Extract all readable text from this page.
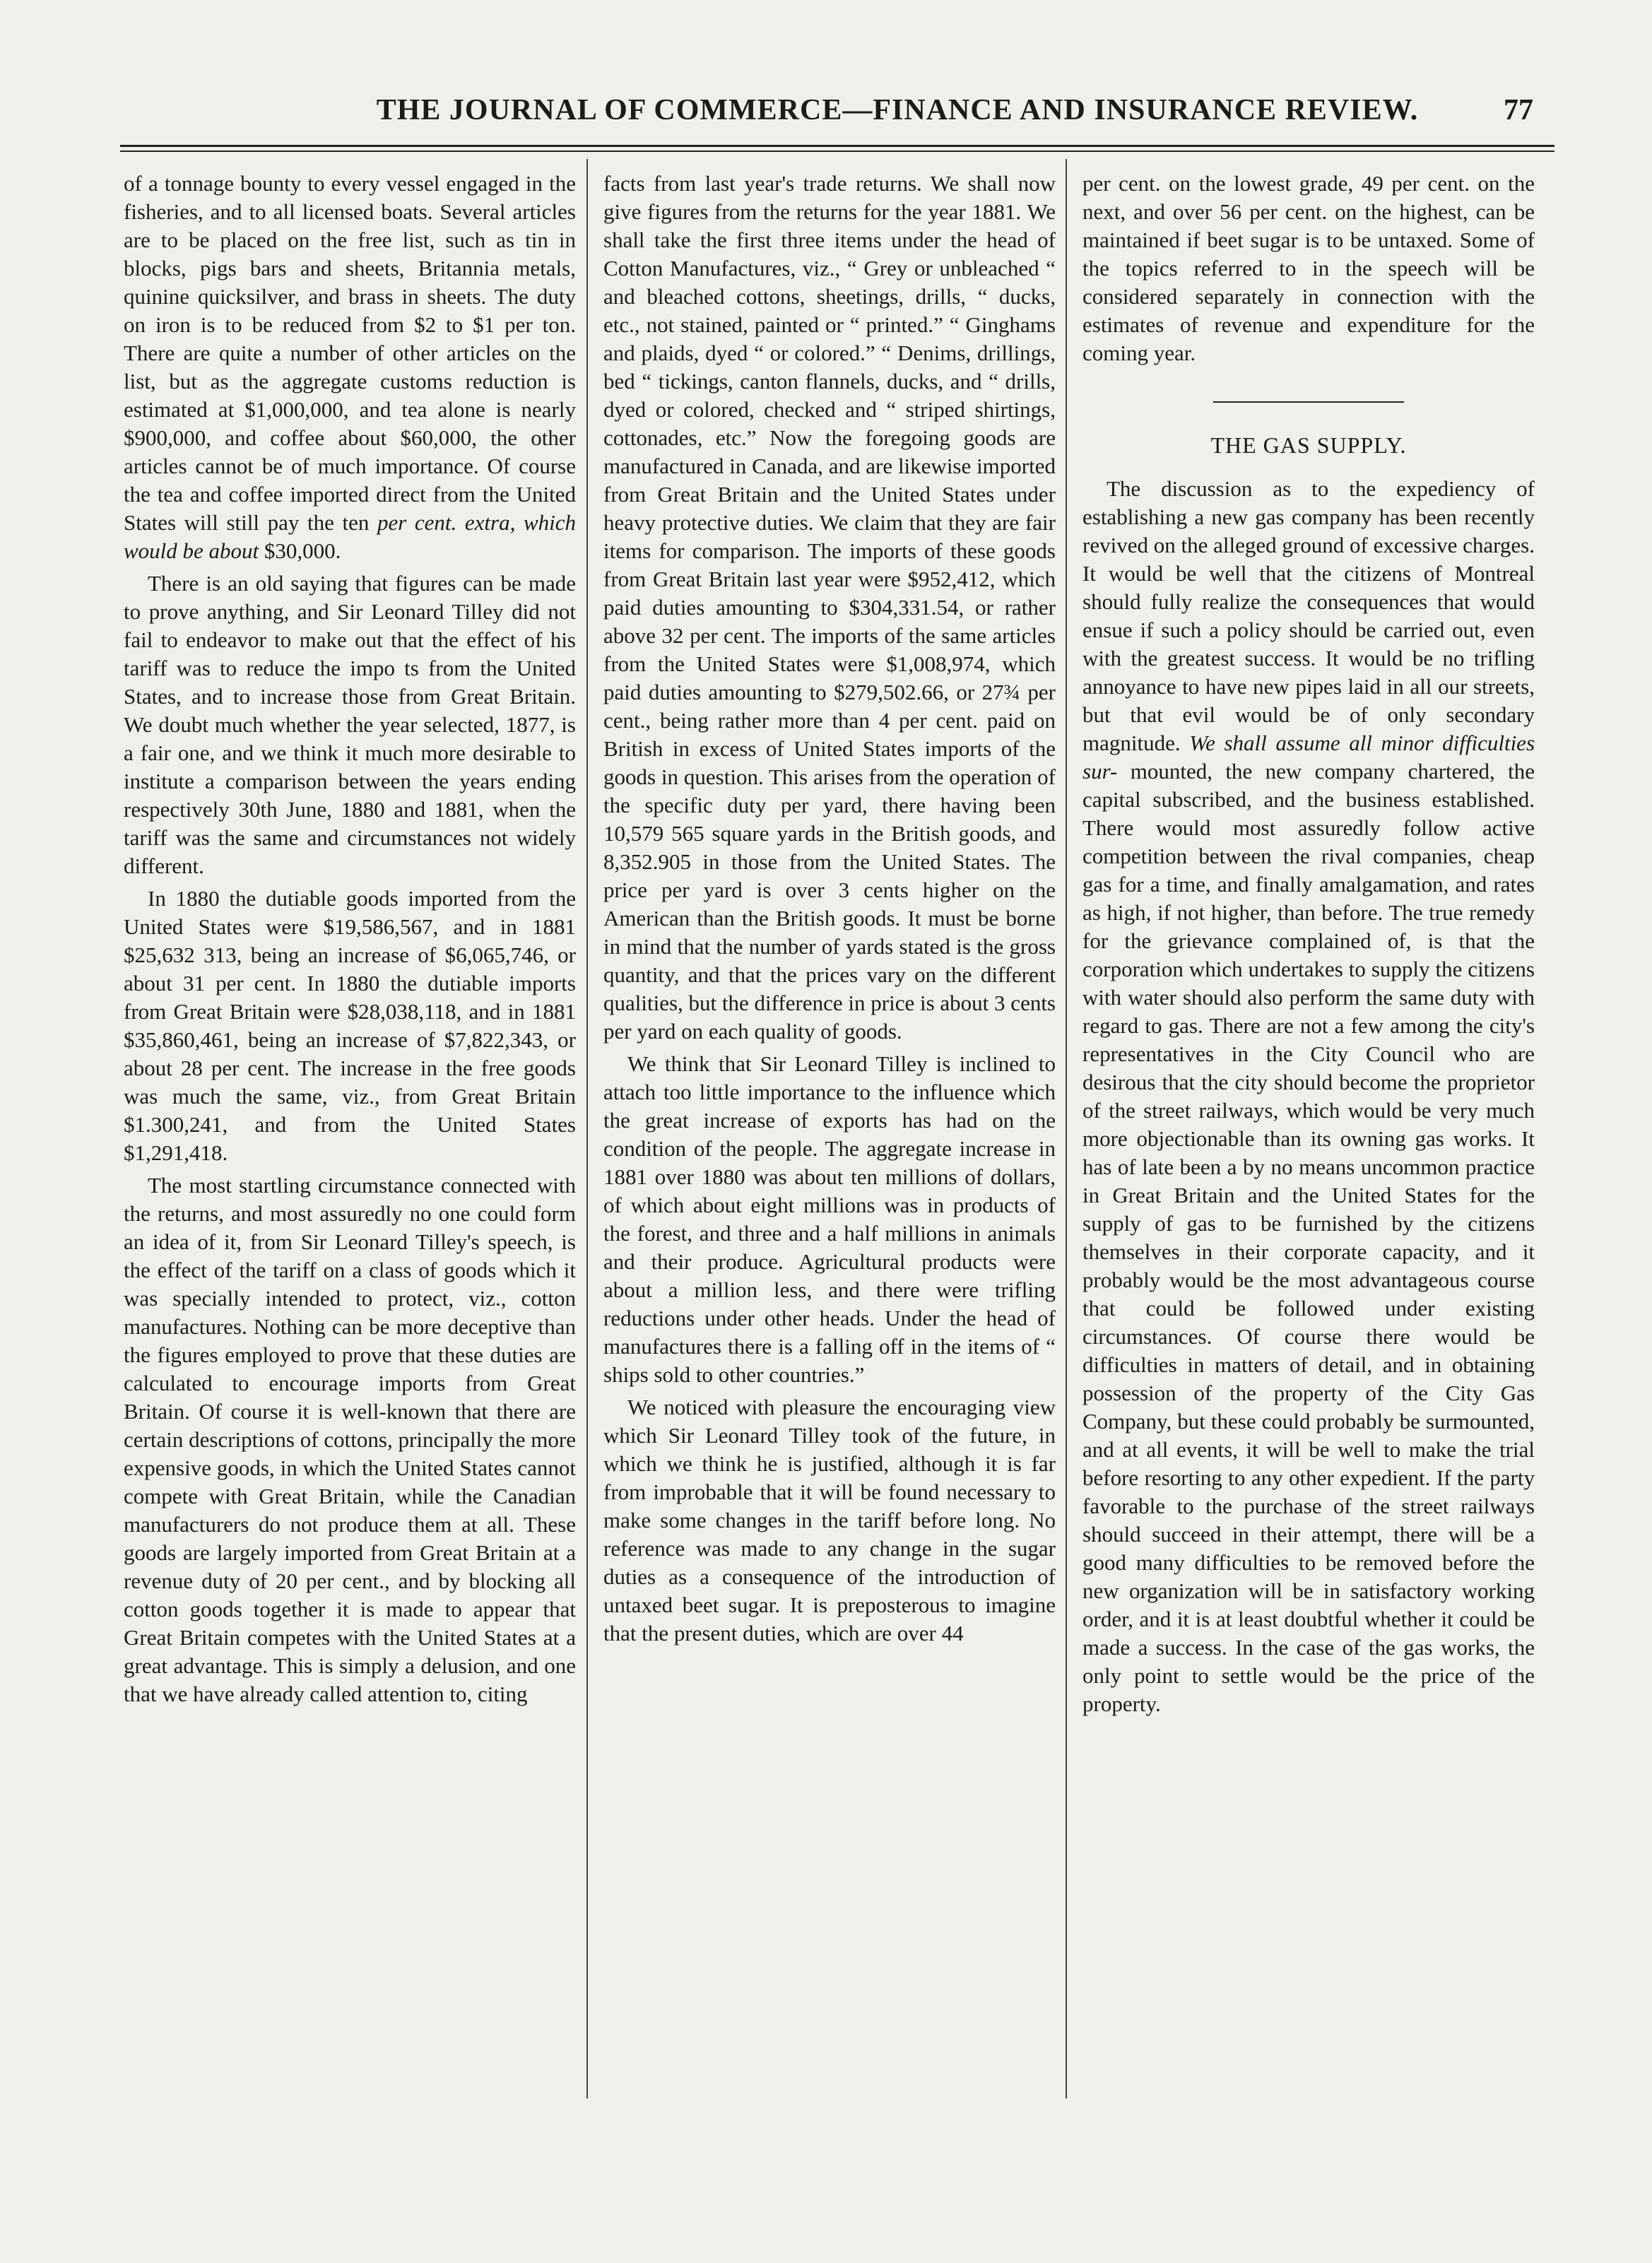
THE JOURNAL OF COMMERCE—FINANCE AND INSURANCE REVIEW.	77

of a tonnage bounty to every vessel engaged in the fisheries, and to all licensed boats. Several articles are to be placed on the free list, such as tin in blocks, pigs bars and sheets, Britannia metals, quinine quicksilver, and brass in sheets. The duty on iron is to be reduced from $2 to $1 per ton. There are quite a number of other articles on the list, but as the aggregate customs reduction is estimated at $1,000,000, and tea alone is nearly $900,000, and coffee about $60,000, the other articles cannot be of much importance. Of course the tea and coffee imported direct from the United States will still pay the ten per cent. extra, which would be about $30,000.

There is an old saying that figures can be made to prove anything, and Sir Leonard Tilley did not fail to endeavor to make out that the effect of his tariff was to reduce the impo ts from the United States, and to increase those from Great Britain. We doubt much whether the year selected, 1877, is a fair one, and we think it much more desirable to institute a comparison between the years ending respectively 30th June, 1880 and 1881, when the tariff was the same and circumstances not widely different.

In 1880 the dutiable goods imported from the United States were $19,586,567, and in 1881 $25,632 313, being an increase of $6,065,746, or about 31 per cent. In 1880 the dutiable imports from Great Britain were $28,038,118, and in 1881 $35,860,461, being an increase of $7,822,343, or about 28 per cent. The increase in the free goods was much the same, viz., from Great Britain $1.300,241, and from the United States $1,291,418.

The most startling circumstance connected with the returns, and most assuredly no one could form an idea of it, from Sir Leonard Tilley's speech, is the effect of the tariff on a class of goods which it was specially intended to protect, viz., cotton manufactures. Nothing can be more deceptive than the figures employed to prove that these duties are calculated to encourage imports from Great Britain. Of course it is well-known that there are certain descriptions of cottons, principally the more expensive goods, in which the United States cannot compete with Great Britain, while the Canadian manufacturers do not produce them at all. These goods are largely imported from Great Britain at a revenue duty of 20 per cent., and by blocking all cotton goods together it is made to appear that Great Britain competes with the United States at a great advantage. This is simply a delusion, and one that we have already called attention to, citing

facts from last year's trade returns. We shall now give figures from the returns for the year 1881. We shall take the first three items under the head of Cotton Manufactures, viz., “ Grey or unbleached “ and bleached cottons, sheetings, drills, “ ducks, etc., not stained, painted or “ printed.” “ Ginghams and plaids, dyed “ or colored.” “ Denims, drillings, bed “ tickings, canton flannels, ducks, and “ drills, dyed or colored, checked and “ striped shirtings, cottonades, etc.” Now the foregoing goods are manufactured in Canada, and are likewise imported from Great Britain and the United States under heavy protective duties. We claim that they are fair items for comparison. The imports of these goods from Great Britain last year were $952,412, which paid duties amounting to $304,331.54, or rather above 32 per cent. The imports of the same articles from the United States were $1,008,974, which paid duties amounting to $279,502.66, or 27¾ per cent., being rather more than 4 per cent. paid on British in excess of United States imports of the goods in question. This arises from the operation of the specific duty per yard, there having been 10,579 565 square yards in the British goods, and 8,352.905 in those from the United States. The price per yard is over 3 cents higher on the American than the British goods. It must be borne in mind that the number of yards stated is the gross quantity, and that the prices vary on the different qualities, but the difference in price is about 3 cents per yard on each quality of goods.

We think that Sir Leonard Tilley is inclined to attach too little importance to the influence which the great increase of exports has had on the condition of the people. The aggregate increase in 1881 over 1880 was about ten millions of dollars, of which about eight millions was in products of the forest, and three and a half millions in animals and their produce. Agricultural products were about a million less, and there were trifling reductions under other heads. Under the head of manufactures there is a falling off in the items of “ ships sold to other countries.”

We noticed with pleasure the encouraging view which Sir Leonard Tilley took of the future, in which we think he is justified, although it is far from improbable that it will be found necessary to make some changes in the tariff before long. No reference was made to any change in the sugar duties as a consequence of the introduction of untaxed beet sugar. It is preposterous to imagine that the present duties, which are over 44

per cent. on the lowest grade, 49 per cent. on the next, and over 56 per cent. on the highest, can be maintained if beet sugar is to be untaxed. Some of the topics referred to in the speech will be considered separately in connection with the estimates of revenue and expenditure for the coming year.

THE GAS SUPPLY.

The discussion as to the expediency of establishing a new gas company has been recently revived on the alleged ground of excessive charges. It would be well that the citizens of Montreal should fully realize the consequences that would ensue if such a policy should be carried out, even with the greatest success. It would be no trifling annoyance to have new pipes laid in all our streets, but that evil would be of only secondary magnitude. We shall assume all minor difficulties sur- mounted, the new company chartered, the capital subscribed, and the business established. There would most assuredly follow active competition between the rival companies, cheap gas for a time, and finally amalgamation, and rates as high, if not higher, than before. The true remedy for the grievance complained of, is that the corporation which undertakes to supply the citizens with water should also perform the same duty with regard to gas. There are not a few among the city's representatives in the City Council who are desirous that the city should become the proprietor of the street railways, which would be very much more objectionable than its owning gas works. It has of late been a by no means uncommon practice in Great Britain and the United States for the supply of gas to be furnished by the citizens themselves in their corporate capacity, and it probably would be the most advantageous course that could be followed under existing circumstances. Of course there would be difficulties in matters of detail, and in obtaining possession of the property of the City Gas Company, but these could probably be surmounted, and at all events, it will be well to make the trial before resorting to any other expedient. If the party favorable to the purchase of the street railways should succeed in their attempt, there will be a good many difficulties to be removed before the new organization will be in satisfactory working order, and it is at least doubtful whether it could be made a success. In the case of the gas works, the only point to settle would be the price of the property.
